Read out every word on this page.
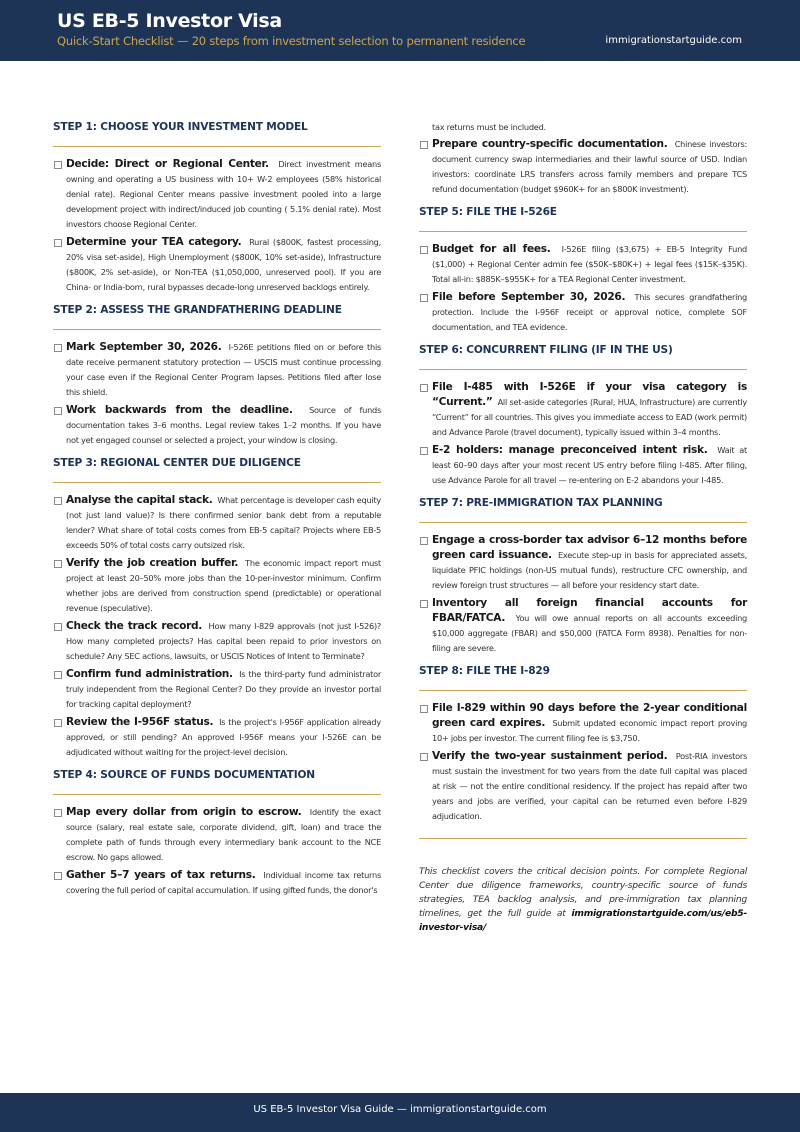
US EB-5 Investor Visa
Quick-Start Checklist — 20 steps from investment selection to permanent residence	immigrationstartguide.com
STEP 1: CHOOSE YOUR INVESTMENT MODEL
Decide: Direct or Regional Center. Direct investment means owning and operating a US business with 10+ W-2 employees (58% historical denial rate). Regional Center means passive investment pooled into a large development project with indirect/induced job counting ( 5.1% denial rate). Most investors choose Regional Center.
Determine your TEA category. Rural ($800K, fastest processing, 20% visa set-aside), High Unemployment ($800K, 10% set-aside), Infrastructure ($800K, 2% set-aside), or Non-TEA ($1,050,000, unreserved pool). If you are China- or India-born, rural bypasses decade-long unreserved backlogs entirely.
STEP 2: ASSESS THE GRANDFATHERING DEADLINE
Mark September 30, 2026. I-526E petitions filed on or before this date receive permanent statutory protection — USCIS must continue processing your case even if the Regional Center Program lapses. Petitions filed after lose this shield.
Work backwards from the deadline. Source of funds documentation takes 3–6 months. Legal review takes 1–2 months. If you have not yet engaged counsel or selected a project, your window is closing.
STEP 3: REGIONAL CENTER DUE DILIGENCE
Analyse the capital stack. What percentage is developer cash equity (not just land value)? Is there confirmed senior bank debt from a reputable lender? What share of total costs comes from EB-5 capital? Projects where EB-5 exceeds 50% of total costs carry outsized risk.
Verify the job creation buffer. The economic impact report must project at least 20–50% more jobs than the 10-per-investor minimum. Confirm whether jobs are derived from construction spend (predictable) or operational revenue (speculative).
Check the track record. How many I-829 approvals (not just I-526)? How many completed projects? Has capital been repaid to prior investors on schedule? Any SEC actions, lawsuits, or USCIS Notices of Intent to Terminate?
Confirm fund administration. Is the third-party fund administrator truly independent from the Regional Center? Do they provide an investor portal for tracking capital deployment?
Review the I-956F status. Is the project's I-956F application already approved, or still pending? An approved I-956F means your I-526E can be adjudicated without waiting for the project-level decision.
STEP 4: SOURCE OF FUNDS DOCUMENTATION
Map every dollar from origin to escrow. Identify the exact source (salary, real estate sale, corporate dividend, gift, loan) and trace the complete path of funds through every intermediary bank account to the NCE escrow. No gaps allowed.
Gather 5–7 years of tax returns. Individual income tax returns covering the full period of capital accumulation. If using gifted funds, the donor's
tax returns must be included.
Prepare country-specific documentation. Chinese investors: document currency swap intermediaries and their lawful source of USD. Indian investors: coordinate LRS transfers across family members and prepare TCS refund documentation (budget $960K+ for an $800K investment).
STEP 5: FILE THE I-526E
Budget for all fees. I-526E filing ($3,675) + EB-5 Integrity Fund ($1,000) + Regional Center admin fee ($50K–$80K+) + legal fees ($15K–$35K). Total all-in: $885K–$955K+ for a TEA Regional Center investment.
File before September 30, 2026. This secures grandfathering protection. Include the I-956F receipt or approval notice, complete SOF documentation, and TEA evidence.
STEP 6: CONCURRENT FILING (IF IN THE US)
File I-485 with I-526E if your visa category is “Current.” All set-aside categories (Rural, HUA, Infrastructure) are currently “Current” for all countries. This gives you immediate access to EAD (work permit) and Advance Parole (travel document), typically issued within 3–4 months.
E-2 holders: manage preconceived intent risk. Wait at least 60–90 days after your most recent US entry before filing I-485. After filing, use Advance Parole for all travel — re-entering on E-2 abandons your I-485.
STEP 7: PRE-IMMIGRATION TAX PLANNING
Engage a cross-border tax advisor 6–12 months before green card issuance. Execute step-up in basis for appreciated assets, liquidate PFIC holdings (non-US mutual funds), restructure CFC ownership, and review foreign trust structures — all before your residency start date.
Inventory all foreign financial accounts for FBAR/FATCA. You will owe annual reports on all accounts exceeding $10,000 aggregate (FBAR) and $50,000 (FATCA Form 8938). Penalties for non-filing are severe.
STEP 8: FILE THE I-829
File I-829 within 90 days before the 2-year conditional green card expires. Submit updated economic impact report proving 10+ jobs per investor. The current filing fee is $3,750.
Verify the two-year sustainment period. Post-RIA investors must sustain the investment for two years from the date full capital was placed at risk — not the entire conditional residency. If the project has repaid after two years and jobs are verified, your capital can be returned even before I-829 adjudication.
This checklist covers the critical decision points. For complete Regional Center due diligence frameworks, country-specific source of funds strategies, TEA backlog analysis, and pre-immigration tax planning timelines, get the full guide at immigrationstartguide.com/us/eb5-investor-visa/
US EB-5 Investor Visa Guide — immigrationstartguide.com
